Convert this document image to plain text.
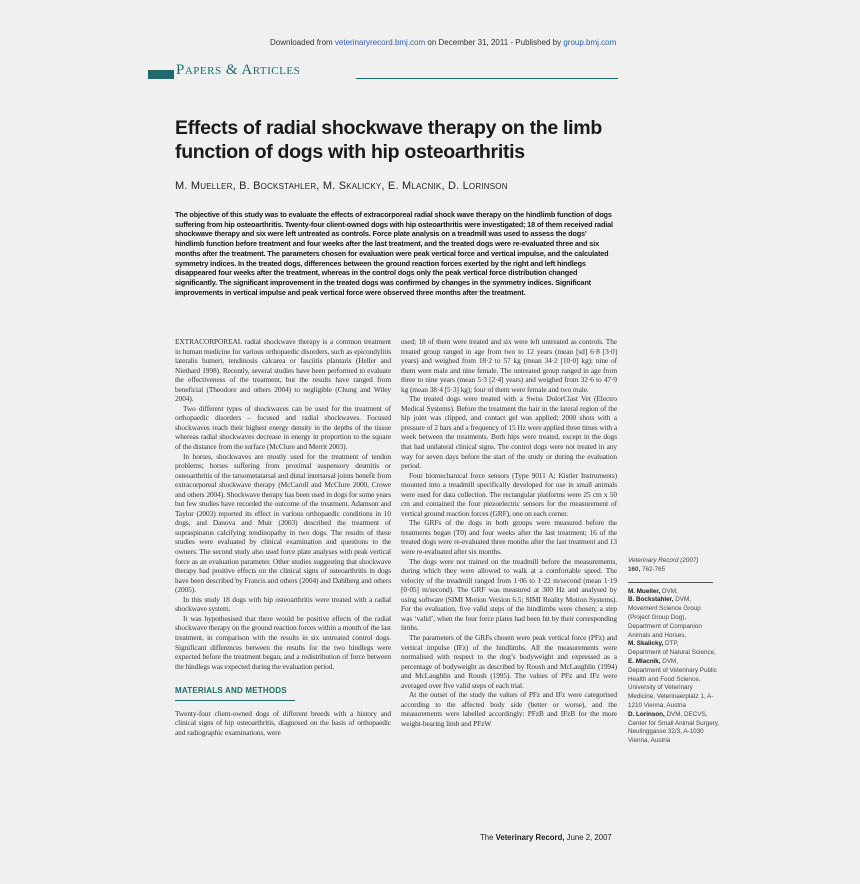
Downloaded from veterinaryrecord.bmj.com on December 31, 2011 - Published by group.bmj.com
Papers & Articles
Effects of radial shockwave therapy on the limb function of dogs with hip osteoarthritis
M. Mueller, B. Bockstahler, M. Skalicky, E. Mlacnik, D. Lorinson
The objective of this study was to evaluate the effects of extracorporeal radial shock wave therapy on the hindlimb function of dogs suffering from hip osteoarthritis. Twenty-four client-owned dogs with hip osteoarthritis were investigated; 18 of them received radial shockwave therapy and six were left untreated as controls. Force plate analysis on a treadmill was used to assess the dogs’ hindlimb function before treatment and four weeks after the last treatment, and the treated dogs were re-evaluated three and six months after the treatment. The parameters chosen for evaluation were peak vertical force and vertical impulse, and the calculated symmetry indices. In the treated dogs, differences between the ground reaction forces exerted by the right and left hindlegs disappeared four weeks after the treatment, whereas in the control dogs only the peak vertical force distribution changed significantly. The significant improvement in the treated dogs was confirmed by changes in the symmetry indices. Significant improvements in vertical impulse and peak vertical force were observed three months after the treatment.

EXTRACORPOREAL radial shockwave therapy is a common treatment in human medicine for various orthopaedic disorders, such as epicondylitis lateralis humeri, tendinosis calcarea or fasciitis plantaris (Heller and Niethard 1998). Recently, several studies have been performed to evaluate the effectiveness of the treatment, but the results have ranged from beneficial (Theodore and others 2004) to negligible (Chung and Wiley 2004).

Two different types of shockwaves can be used for the treatment of orthopaedic disorders – focused and radial shockwaves. Focused shockwaves reach their highest energy density in the depths of the tissue whereas radial shockwaves decrease in energy in proportion to the square of the distance from the surface (McClure and Merrit 2003).

In horses, shockwaves are mostly used for the treatment of tendon problems; horses suffering from proximal suspensory desmitis or osteoarthritis of the tarsometatarsal and distal intertarsal joints benefit from extracorporeal shockwave therapy (McCaroll and McClure 2000, Crowe and others 2004). Shockwave therapy has been used in dogs for some years but few studies have recorded the outcome of the treatment. Adamson and Taylor (2003) reported its effect in various orthopaedic conditions in 10 dogs, and Danova and Muir (2003) described the treatment of supraspinatus calcifying tendinopathy in two dogs. The results of these studies were evaluated by clinical examination and questions to the owners. The second study also used force plate analyses with peak vertical force as an evaluation parameter. Other studies suggesting that shockwave therapy had positive effects on the clinical signs of osteoarthritis in dogs have been described by Francis and others (2004) and Dahlberg and others (2005).

In this study 18 dogs with hip osteoarthritis were treated with a radial shockwave system.

It was hypothesised that there would be positive effects of the radial shockwave therapy on the ground reaction forces within a month of the last treatment, in comparison with the results in six untreated control dogs. Significant differences between the results for the two hindlegs were expected before the treatment began, and a redistribution of force between the hindlegs was expected during the evaluation period.

MATERIALS AND METHODS

Twenty-four client-owned dogs of different breeds with a history and clinical signs of hip osteoarthritis, diagnosed on the basis of orthopaedic and radiographic examinations, were

used; 18 of them were treated and six were left untreated as controls. The treated group ranged in age from two to 12 years (mean [sd] 6·8 [3·0] years) and weighed from 18·2 to 57 kg (mean 34·2 [10·0] kg); nine of them were male and nine female. The untreated group ranged in age from three to nine years (mean 5·3 [2·4] years) and weighed from 32·6 to 47·9 kg (mean 38·4 [5·3] kg); four of them were female and two male.

The treated dogs were treated with a Swiss DolorClast Vet (Electro Medical Systems). Before the treatment the hair in the lateral region of the hip joint was clipped, and contact gel was applied; 2000 shots with a pressure of 2 bars and a frequency of 15 Hz were applied three times with a week between the treatments. Both hips were treated, except in the dogs that had unilateral clinical signs. The control dogs were not treated in any way for seven days before the start of the study or during the evaluation period.

Four biomechanical force sensors (Type 9011 A; Kistler Instruments) mounted into a treadmill specifically developed for use in small animals were used for data collection. The rectangular platforms were 25 cm x 50 cm and contained the four piezoelectric sensors for the measurement of vertical ground reaction forces (GRF), one on each corner.

The GRFs of the dogs in both groups were measured before the treatments began (T0) and four weeks after the last treatment; 16 of the treated dogs were re-evaluated three months after the last treatment and 13 were re-evaluated after six months.

The dogs were not trained on the treadmill before the measurements, during which they were allowed to walk at a comfortable speed. The velocity of the treadmill ranged from 1·06 to 1·22 m/second (mean 1·19 [0·05] m/second). The GRF was measured at 300 Hz and analysed by using software (SIMI Motion Version 6.5; SIMI Reality Motion Systems). For the evaluation, five valid steps of the hindlimbs were chosen; a step was ‘valid’, when the four force plates had been hit by their corresponding limbs.

The parameters of the GRFs chosen were peak vertical force (PFz) and vertical impulse (IFz) of the hindlimbs. All the measurements were normalised with respect to the dog’s bodyweight and expressed as a percentage of bodyweight as described by Roush and McLaughlin (1994) and McLaughlin and Roush (1995). The values of PFz and IFz were averaged over five valid steps of each trial.

At the outset of the study the values of PFz and IFz were categorised according to the affected body side (better or worse), and the measurements were labelled accordingly: PFzB and IFzB for the more weight-bearing limb and PFzW

Veterinary Record (2007)

160, 762-765

M. Mueller, DVM,

B. Bockstahler, DVM,

Movement Science Group (Project Group Dog), Department of Companion Animals and Horses,

M. Skalicky, DTP,

Department of Natural Science,

E. Mlacnik, DVM,

Department of Veterinary Public Health and Food Science, University of Veterinary Medicine, Veterinaerplatz 1, A-1210 Vienna, Austria

D. Lorinson, DVM, DECVS,

Center for Small Animal Surgery, Neulinggasse 32/3, A-1030 Vienna, Austria

The Veterinary Record, June 2, 2007
